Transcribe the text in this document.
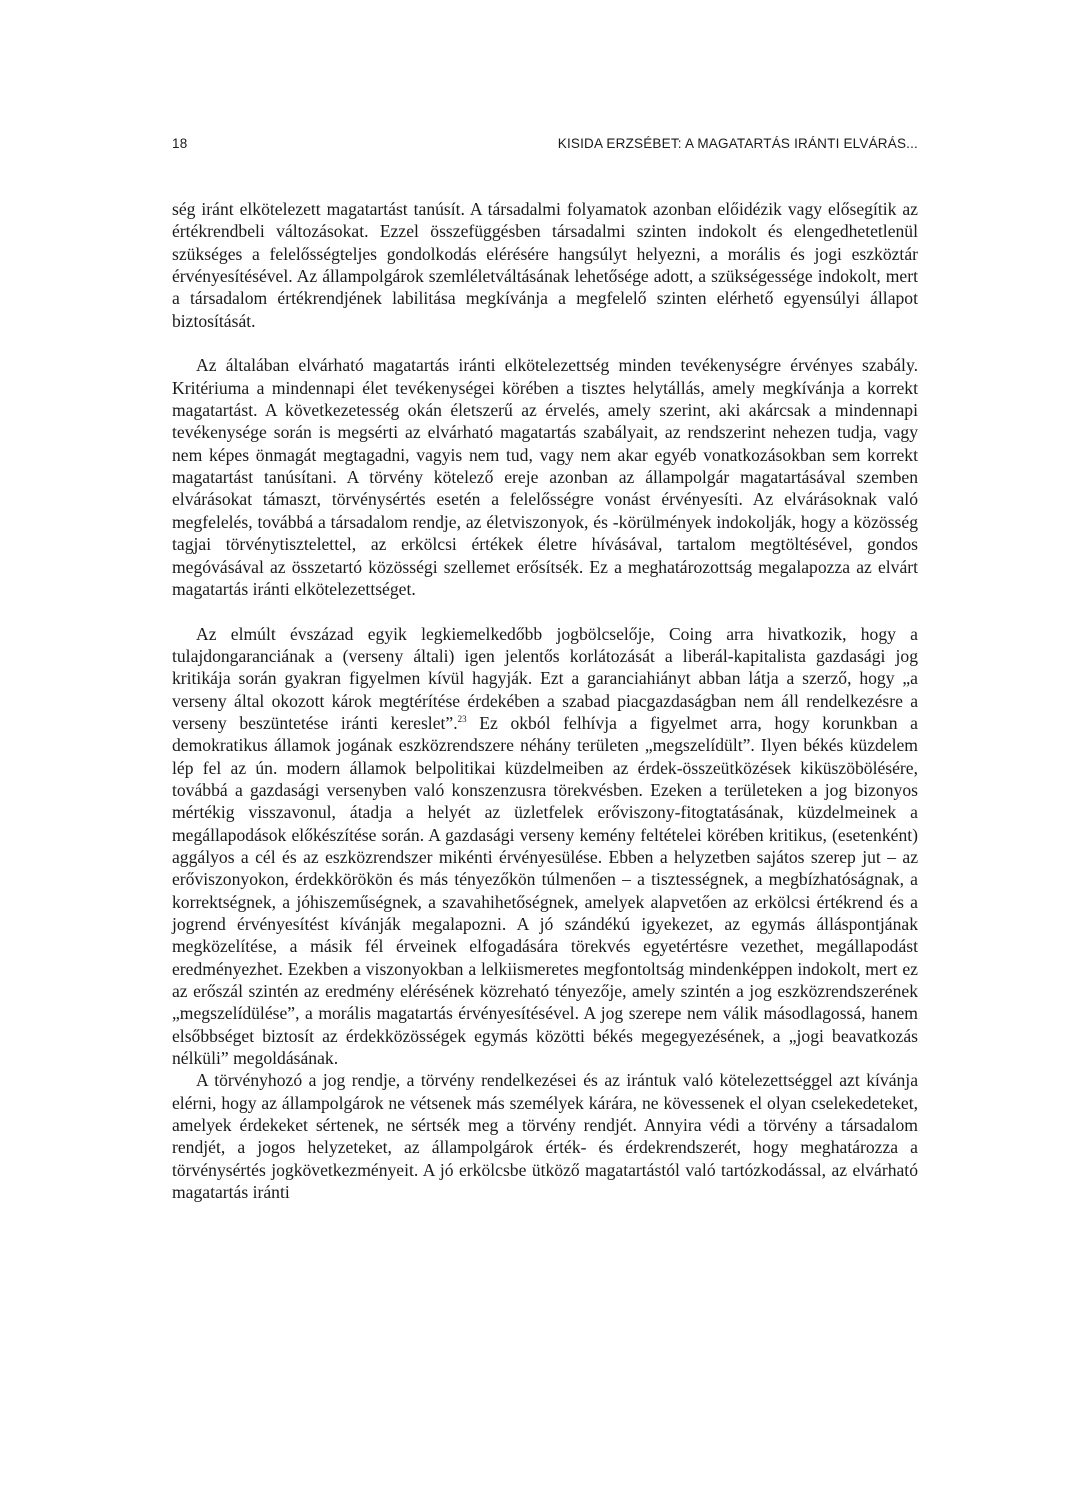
18	KISIDA ERZSÉBET: A MAGATARTÁS IRÁNTI ELVÁRÁS...

ség iránt elkötelezett magatartást tanúsít. A társadalmi folyamatok azonban előidézik vagy elősegítik az értékrendbeli változásokat. Ezzel összefüggésben társadalmi szinten indokolt és elengedhetetlenül szükséges a felelősségteljes gondolkodás elérésére hangsúlyt helyezni, a morális és jogi eszköztár érvényesítésével. Az állampolgárok szemléletváltásának lehetősége adott, a szükségessége indokolt, mert a társadalom értékrendjének labilitása megkívánja a megfelelő szinten elérhető egyensúlyi állapot biztosítását.

Az általában elvárható magatartás iránti elkötelezettség minden tevékenységre érvényes szabály. Kritériuma a mindennapi élet tevékenységei körében a tisztes helytállás, amely megkívánja a korrekt magatartást. A következetesség okán életszerű az érvelés, amely szerint, aki akárcsak a mindennapi tevékenysége során is megsérti az elvárható magatartás szabályait, az rendszerint nehezen tudja, vagy nem képes önmagát megtagadni, vagyis nem tud, vagy nem akar egyéb vonatkozásokban sem korrekt magatartást tanúsítani. A törvény kötelező ereje azonban az állampolgár magatartásával szemben elvárásokat támaszt, törvénysértés esetén a felelősségre vonást érvényesíti. Az elvárásoknak való megfelelés, továbbá a társadalom rendje, az életviszonyok, és -körülmények indokolják, hogy a közösség tagjai törvénytisztelettel, az erkölcsi értékek életre hívásával, tartalom megtöltésével, gondos megóvásával az összetartó közösségi szellemet erősítsék. Ez a meghatározottság megalapozza az elvárt magatartás iránti elkötelezettséget.

Az elmúlt évszázad egyik legkiemelkedőbb jogbölcselője, Coing arra hivatkozik, hogy a tulajdongaranciának a (verseny általi) igen jelentős korlátozását a liberál-kapitalista gazdasági jog kritikája során gyakran figyelmen kívül hagyják. Ezt a garanciahiányt abban látja a szerző, hogy „a verseny által okozott károk megtérítése érdekében a szabad piacgazdaságban nem áll rendelkezésre a verseny beszüntetése iránti kereslet”.$^{23}$ Ez okból felhívja a figyelmet arra, hogy korunkban a demokratikus államok jogának eszközrendszere néhány területen „megszelídült”. Ilyen békés küzdelem lép fel az ún. modern államok belpolitikai küzdelmeiben az érdek-összeütközések kiküszöbölésére, továbbá a gazdasági versenyben való konszenzusra törekvésben. Ezeken a területeken a jog bizonyos mértékig visszavonul, átadja a helyét az üzletfelek erőviszony-fitogtatásának, küzdelmeinek a megállapodások előkészítése során. A gazdasági verseny kemény feltételei körében kritikus, (esetenként) aggályos a cél és az eszközrendszer mikénti érvényesülése. Ebben a helyzetben sajátos szerep jut – az erőviszonyokon, érdekkörökön és más tényezőkön túlmenően – a tisztességnek, a megbízhatóságnak, a korrektségnek, a jóhiszeműségnek, a szavahihetőségnek, amelyek alapvetően az erkölcsi értékrend és a jogrend érvényesítést kívánják megalapozni. A jó szándékú igyekezet, az egymás álláspontjának megközelítése, a másik fél érveinek elfogadására törekvés egyetértésre vezethet, megállapodást eredményezhet. Ezekben a viszonyokban a lelkiismeretes megfontoltság mindenképpen indokolt, mert ez az erőszál szintén az eredmény elérésének közreható tényezője, amely szintén a jog eszközrendszerének „megszelídülése”, a morális magatartás érvényesítésével. A jog szerepe nem válik másodlagossá, hanem elsőbbséget biztosít az érdekközösségek egymás közötti békés megegyezésének, a „jogi beavatkozás nélküli” megoldásának.

A törvényhozó a jog rendje, a törvény rendelkezései és az irántuk való kötelezettséggel azt kívánja elérni, hogy az állampolgárok ne vétsenek más személyek kárára, ne kövessenek el olyan cselekedeteket, amelyek érdekeket sértenek, ne sértsék meg a törvény rendjét. Annyira védi a törvény a társadalom rendjét, a jogos helyzeteket, az állampolgárok érték- és érdekrendszerét, hogy meghatározza a törvénysértés jogkövetkezményeit. A jó erkölcsbe ütköző magatartástól való tartózkodással, az elvárható magatartás iránti
